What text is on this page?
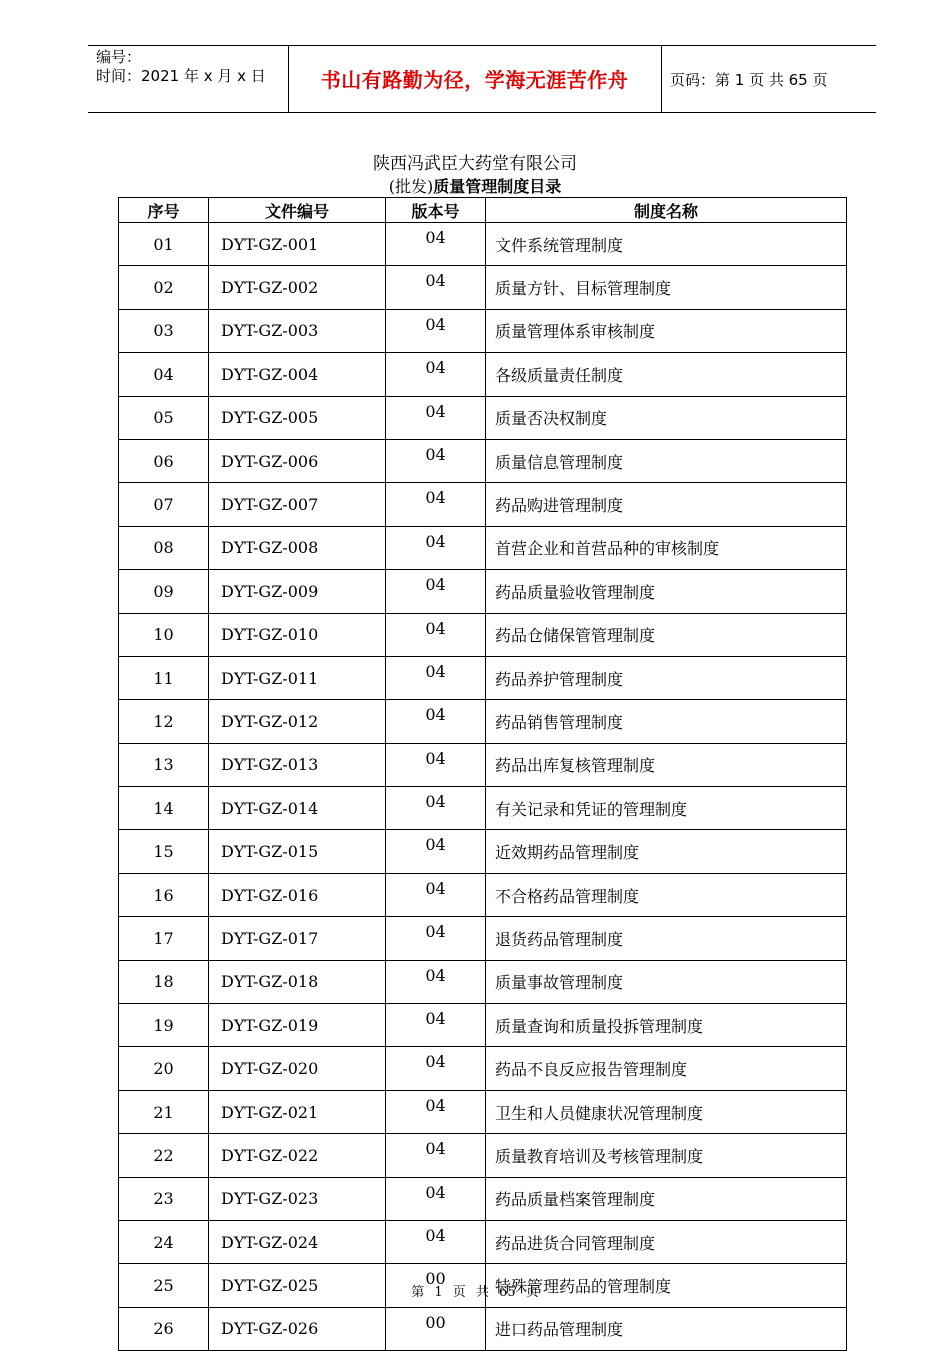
编号：
时间：2021 年 x 月 x 日	书山有路勤为径，学海无涯苦作舟	页码：第 1 页 共 65 页
陕西冯武臣大药堂有限公司
(批发)质量管理制度目录
序号	文件编号	版本号	制度名称
01	DYT-GZ-001	04	文件系统管理制度
02	DYT-GZ-002	04	质量方针、目标管理制度
03	DYT-GZ-003	04	质量管理体系审核制度
04	DYT-GZ-004	04	各级质量责任制度
05	DYT-GZ-005	04	质量否决权制度
06	DYT-GZ-006	04	质量信息管理制度
07	DYT-GZ-007	04	药品购进管理制度
08	DYT-GZ-008	04	首营企业和首营品种的审核制度
09	DYT-GZ-009	04	药品质量验收管理制度
10	DYT-GZ-010	04	药品仓储保管管理制度
11	DYT-GZ-011	04	药品养护管理制度
12	DYT-GZ-012	04	药品销售管理制度
13	DYT-GZ-013	04	药品出库复核管理制度
14	DYT-GZ-014	04	有关记录和凭证的管理制度
15	DYT-GZ-015	04	近效期药品管理制度
16	DYT-GZ-016	04	不合格药品管理制度
17	DYT-GZ-017	04	退货药品管理制度
18	DYT-GZ-018	04	质量事故管理制度
19	DYT-GZ-019	04	质量查询和质量投拆管理制度
20	DYT-GZ-020	04	药品不良反应报告管理制度
21	DYT-GZ-021	04	卫生和人员健康状况管理制度
22	DYT-GZ-022	04	质量教育培训及考核管理制度
23	DYT-GZ-023	04	药品质量档案管理制度
24	DYT-GZ-024	04	药品进货合同管理制度
25	DYT-GZ-025	00	特殊管理药品的管理制度
26	DYT-GZ-026	00	进口药品管理制度
第 1 页 共 65 页
